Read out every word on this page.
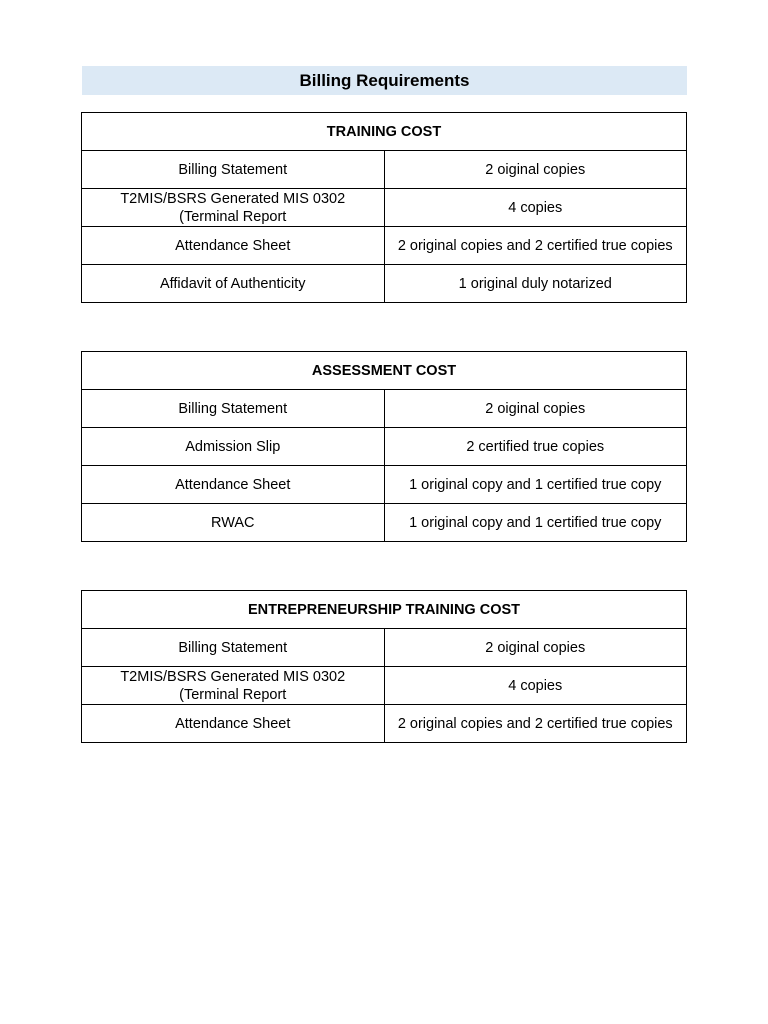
Billing Requirements
TRAINING COST	
Billing Statement	2 oiginal copies
T2MIS/BSRS Generated MIS 0302
(Terminal Report	4 copies
Attendance Sheet	2 original copies and 2 certified true copies
Affidavit of Authenticity	1 original duly notarized
ASSESSMENT COST	
Billing Statement	2 oiginal copies
Admission Slip	2 certified true copies
Attendance Sheet	1 original copy and 1 certified true copy
RWAC	1 original copy and 1 certified true copy
ENTREPRENEURSHIP TRAINING COST	
Billing Statement	2 oiginal copies
T2MIS/BSRS Generated MIS 0302
(Terminal Report	4 copies
Attendance Sheet	2 original copies and 2 certified true copies
